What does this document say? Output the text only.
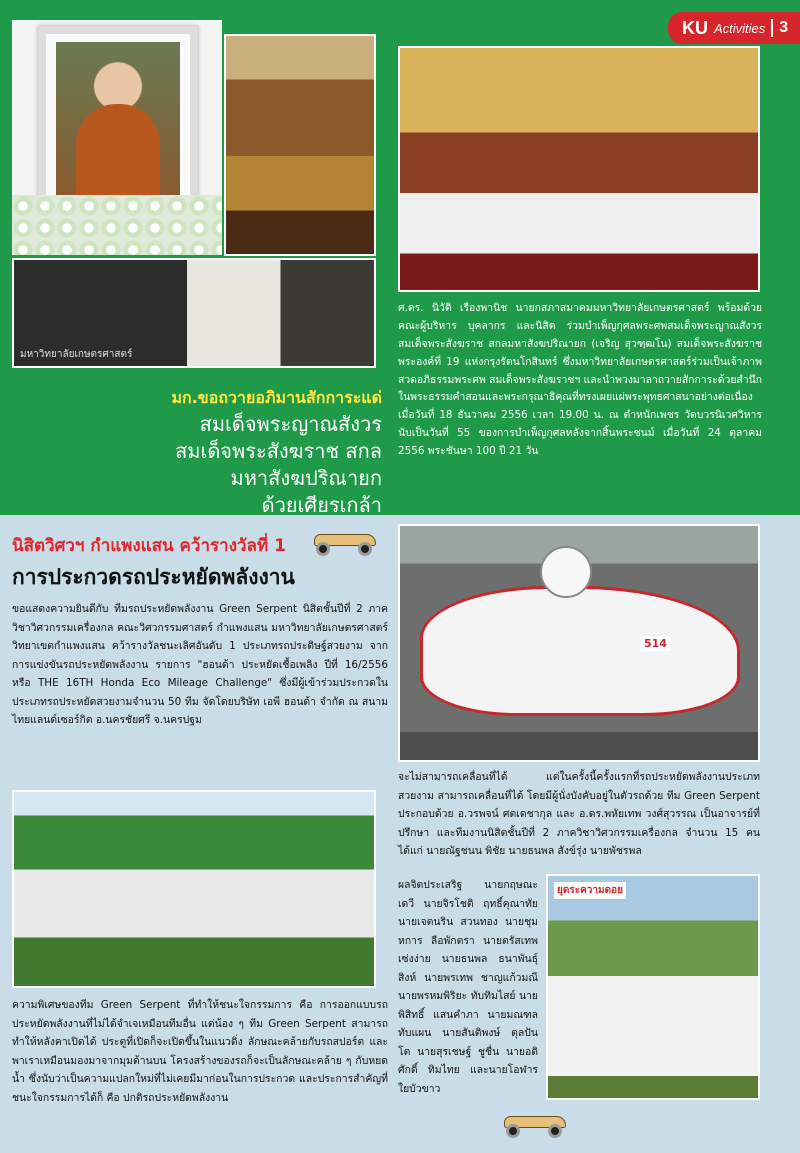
KU Activities 3
มหาวิทยาลัยเกษตรศาสตร์
มก.ขอถวายอภิมานสักการะแด่
สมเด็จพระญาณสังวร
สมเด็จพระสังฆราช สกลมหาสังฆปริณายก
ด้วยเศียรเกล้า
ศ.ดร. นิวัติ เรืองพานิช นายกสภาสมาคมมหาวิทยาลัยเกษตรศาสตร์ พร้อมด้วย คณะผู้บริหาร บุคลากร และนิสิต ร่วมบำเพ็ญกุศลพระศพสมเด็จพระญาณสังวร สมเด็จพระสังฆราช สกลมหาสังฆปริณายก (เจริญ สุวฑฺฒโน) สมเด็จพระสังฆราชพระองค์ที่ 19 แห่งกรุงรัตนโกสินทร์ ซึ่งมหาวิทยาลัยเกษตรศาสตร์ร่วมเป็นเจ้าภาพสวดอภิธรรมพระศพ สมเด็จพระสังฆราชฯ และนำพวงมาลาถวายสักการะด้วยสำนึกในพระธรรมคำสอนและพระกรุณาธิคุณที่ทรงเผยแผ่พระพุทธศาสนาอย่างต่อเนื่อง เมื่อวันที่ 18 ธันวาคม 2556 เวลา 19.00 น. ณ ตำหนักเพชร วัดบวรนิเวศวิหาร นับเป็นวันที่ 55 ของการบำเพ็ญกุศลหลังจากสิ้นพระชนม์ เมื่อวันที่ 24 ตุลาคม 2556 พระชันษา 100 ปี 21 วัน
นิสิตวิศวฯ กำแพงแสน คว้ารางวัลที่ 1
การประกวดรถประหยัดพลังงาน
ขอแสดงความยินดีกับ ทีมรถประหยัดพลังงาน Green Serpent นิสิตชั้นปีที่ 2 ภาควิชาวิศวกรรมเครื่องกล คณะวิศวกรรมศาสตร์ กำแพงแสน มหาวิทยาลัยเกษตรศาสตร์ วิทยาเขตกำแพงแสน คว้ารางวัลชนะเลิศอันดับ 1 ประเภทรถประดิษฐ์สวยงาม จากการแข่งขันรถประหยัดพลังงาน รายการ "ฮอนด้า ประหยัดเชื้อเพลิง ปีที่ 16/2556 หรือ THE 16TH Honda Eco Mileage Challenge" ซึ่งมีผู้เข้าร่วมประกวดในประเภทรถประหยัดสวยงามจำนวน 50 ทีม จัดโดยบริษัท เอพี ฮอนด้า จำกัด ณ สนามไทยแลนด์เซอร์กิต อ.นครชัยศรี จ.นครปฐม
514
จะไม่สามารถเคลื่อนที่ได้ แต่ในครั้งนี้ครั้งแรกที่รถประหยัดพลังงานประเภทสวยงาม สามารถเคลื่อนที่ได้ โดยมีผู้นั่งบังคับอยู่ในตัวรถด้วย ทีม Green Serpent ประกอบด้วย อ.วรพจน์ ศตเดชากุล และ อ.ดร.พหัยเทพ วงศ์สุวรรณ เป็นอาจารย์ที่ปรึกษา และทีมงานนิสิตชั้นปีที่ 2 ภาควิชาวิศวกรรมเครื่องกล จำนวน 15 คน ได้แก่ นายณัฐชนน พิชัย นายธนพล สังข์รุ่ง นายพัชรพล
ผลจิตประเสริฐ นายกฤษณะ เดวี นายจิรโชติ ฤทธิ์คุณาทัย นายเจตนริน สวนทอง นายชุมหการ ลือพักตรา นายตรัสเทพ เซ่งง่าย นายธนพล ธนาพันธุ์สิงห์ นายพรเทพ ชาญแก้วมณี นายพรหมพิริยะ ทับทิมไสย์ นายพิสิทธิ์ แสนคำภา นายมณฑล ทับแผน นายสันติพงษ์ ตุลปัน โต นายสุรเชษฐ์ ชูชื่น นายอดิศักดิ์ ทิมไทย และนายโอฬาร ใยบัวขาว
ยุดระความดอย
ความพิเศษของทีม Green Serpent ที่ทำให้ชนะใจกรรมการ คือ การออกแบบรถประหยัดพลังงานที่ไม่ได้จำเจเหมือนทีมอื่น แต่น้อง ๆ ทีม Green Serpent สามารถทำให้หลังคาเปิดได้ ประตูที่เปิดก็จะเปิดขึ้นในแนวดิ่ง ลักษณะคล้ายกับรถสปอร์ต และพาเราเหมือนมองมาจากมุมด้านบน โครงสร้างของรถก็จะเป็นลักษณะคล้าย ๆ กับหยดน้ำ ซึ่งนับว่าเป็นความแปลกใหม่ที่ไม่เคยมีมาก่อนในการประกวด และประการสำคัญที่ชนะใจกรรมการได้ก็ คือ ปกติรถประหยัดพลังงาน
